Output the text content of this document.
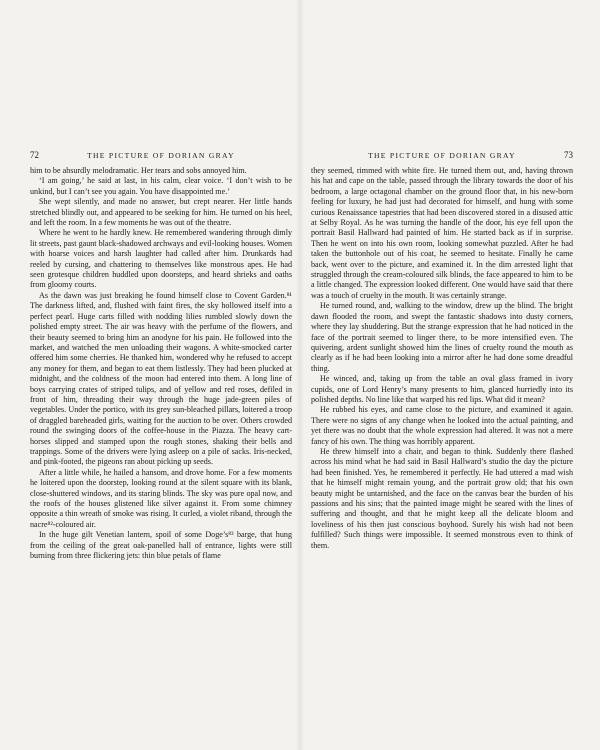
72	THE PICTURE OF DORIAN GRAY

him to be absurdly melodramatic. Her tears and sobs annoyed him.

‘I am going,’ he said at last, in his calm, clear voice. ‘I don’t wish to be unkind, but I can’t see you again. You have disappointed me.’

She wept silently, and made no answer, but crept nearer. Her little hands stretched blindly out, and appeared to be seeking for him. He turned on his heel, and left the room. In a few moments he was out of the theatre.

Where he went to he hardly knew. He remembered wandering through dimly lit streets, past gaunt black-shadowed archways and evil-looking houses. Women with hoarse voices and harsh laughter had called after him. Drunkards had reeled by cursing, and chattering to themselves like monstrous apes. He had seen grotesque children huddled upon doorsteps, and heard shrieks and oaths from gloomy courts.

As the dawn was just breaking he found himself close to Covent Garden.⁸¹ The darkness lifted, and, flushed with faint fires, the sky hollowed itself into a perfect pearl. Huge carts filled with nodding lilies rumbled slowly down the polished empty street. The air was heavy with the perfume of the flowers, and their beauty seemed to bring him an anodyne for his pain. He followed into the market, and watched the men unloading their wagons. A white-smocked carter offered him some cherries. He thanked him, wondered why he refused to accept any money for them, and began to eat them listlessly. They had been plucked at midnight, and the coldness of the moon had entered into them. A long line of boys carrying crates of striped tulips, and of yellow and red roses, defiled in front of him, threading their way through the huge jade-green piles of vegetables. Under the portico, with its grey sun-bleached pillars, loitered a troop of draggled bareheaded girls, waiting for the auction to be over. Others crowded round the swinging doors of the coffee-house in the Piazza. The heavy cart-horses slipped and stamped upon the rough stones, shaking their bells and trappings. Some of the drivers were lying asleep on a pile of sacks. Iris-necked, and pink-footed, the pigeons ran about picking up seeds.

After a little while, he hailed a hansom, and drove home. For a few moments he loitered upon the doorstep, looking round at the silent square with its blank, close-shuttered windows, and its staring blinds. The sky was pure opal now, and the roofs of the houses glistened like silver against it. From some chimney opposite a thin wreath of smoke was rising. It curled, a violet riband, through the nacre⁸²-coloured air.

In the huge gilt Venetian lantern, spoil of some Doge’s⁸³ barge, that hung from the ceiling of the great oak-panelled hall of entrance, lights were still burning from three flickering jets: thin blue petals of flame

THE PICTURE OF DORIAN GRAY	73

they seemed, rimmed with white fire. He turned them out, and, having thrown his hat and cape on the table, passed through the library towards the door of his bedroom, a large octagonal chamber on the ground floor that, in his new-born feeling for luxury, he had just had decorated for himself, and hung with some curious Renaissance tapestries that had been discovered stored in a disused attic at Selby Royal. As he was turning the handle of the door, his eye fell upon the portrait Basil Hallward had painted of him. He started back as if in surprise. Then he went on into his own room, looking somewhat puzzled. After he had taken the buttonhole out of his coat, he seemed to hesitate. Finally he came back, went over to the picture, and examined it. In the dim arrested light that struggled through the cream-coloured silk blinds, the face appeared to him to be a little changed. The expression looked different. One would have said that there was a touch of cruelty in the mouth. It was certainly strange.

He turned round, and, walking to the window, drew up the blind. The bright dawn flooded the room, and swept the fantastic shadows into dusty corners, where they lay shuddering. But the strange expression that he had noticed in the face of the portrait seemed to linger there, to be more intensified even. The quivering, ardent sunlight showed him the lines of cruelty round the mouth as clearly as if he had been looking into a mirror after he had done some dreadful thing.

He winced, and, taking up from the table an oval glass framed in ivory cupids, one of Lord Henry’s many presents to him, glanced hurriedly into its polished depths. No line like that warped his red lips. What did it mean?

He rubbed his eyes, and came close to the picture, and examined it again. There were no signs of any change when he looked into the actual painting, and yet there was no doubt that the whole expression had altered. It was not a mere fancy of his own. The thing was horribly apparent.

He threw himself into a chair, and began to think. Suddenly there flashed across his mind what he had said in Basil Hallward’s studio the day the picture had been finished. Yes, he remembered it perfectly. He had uttered a mad wish that he himself might remain young, and the portrait grow old; that his own beauty might be untarnished, and the face on the canvas bear the burden of his passions and his sins; that the painted image might be seared with the lines of suffering and thought, and that he might keep all the delicate bloom and loveliness of his then just conscious boyhood. Surely his wish had not been fulfilled? Such things were impossible. It seemed monstrous even to think of them.
